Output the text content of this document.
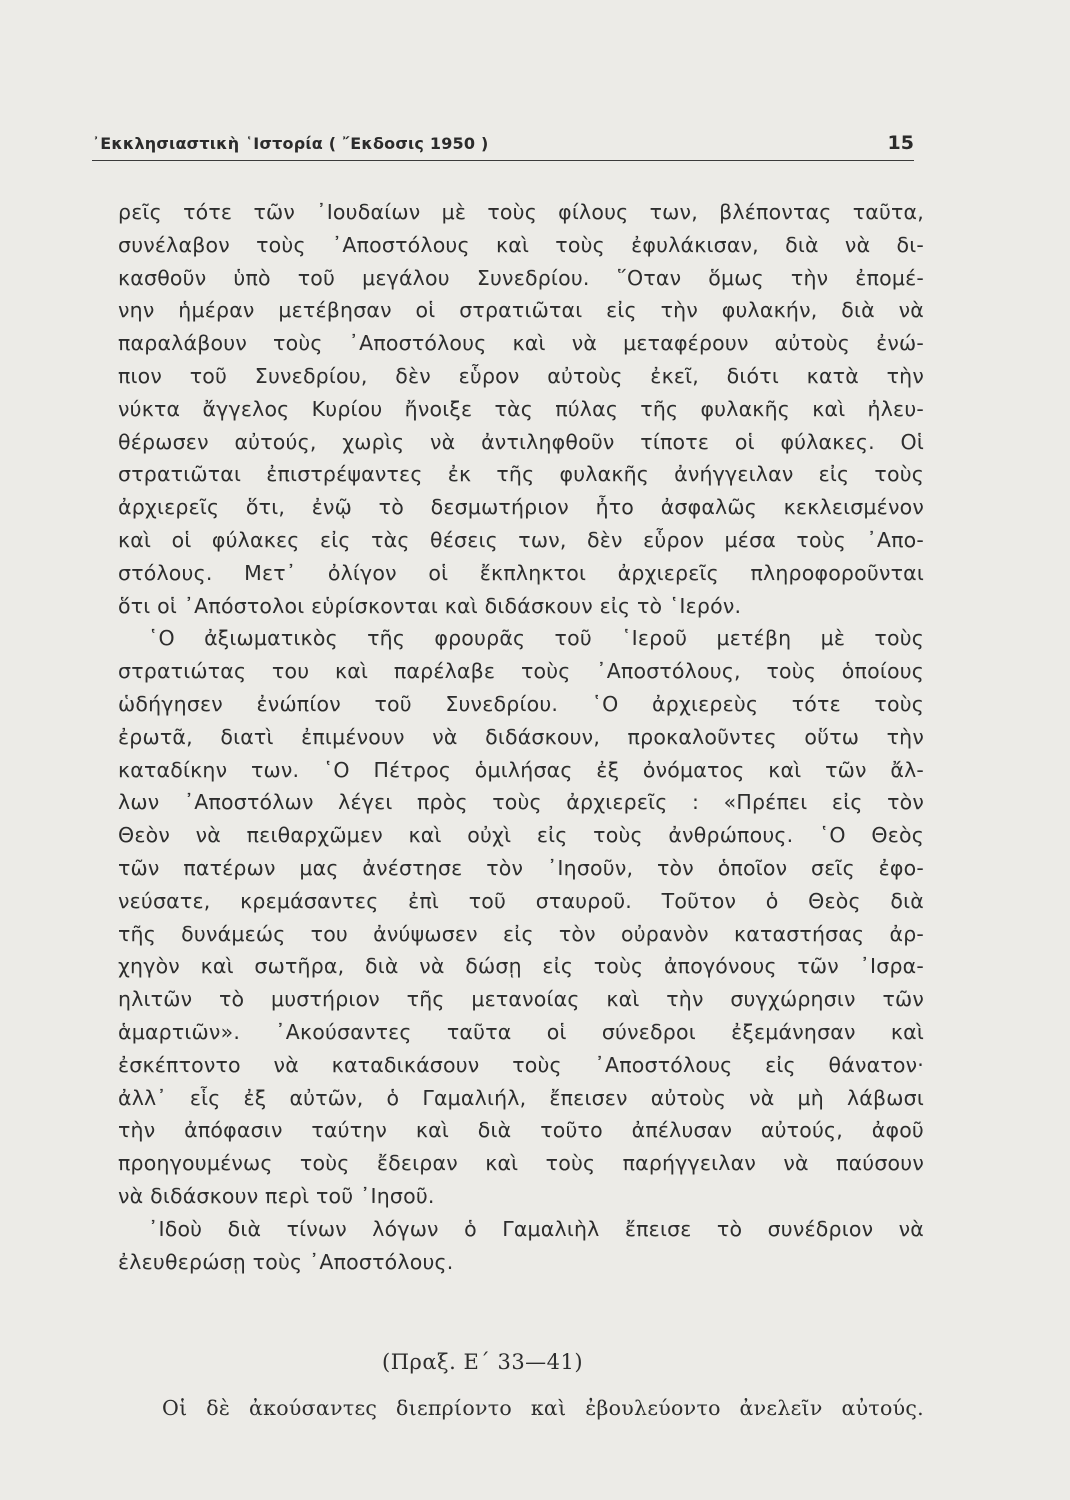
᾿Εκκλησιαστικὴ ῾Ιστορία ( ῎Εκδοσις 1950 )	15
ρεῖς τότε τῶν ᾿Ιουδαίων μὲ τοὺς φίλους των, βλέποντας ταῦτα,
συνέλαβον τοὺς ᾿Αποστόλους καὶ τοὺς ἐφυλάκισαν, διὰ νὰ δι-
κασθοῦν ὑπὸ τοῦ μεγάλου Συνεδρίου. ῞Οταν ὅμως τὴν ἐπομέ-
νην ἡμέραν μετέβησαν οἱ στρατιῶται εἰς τὴν φυλακήν, διὰ νὰ
παραλάβουν τοὺς ᾿Αποστόλους καὶ νὰ μεταφέρουν αὐτοὺς ἐνώ-
πιον τοῦ Συνεδρίου, δὲν εὗρον αὐτοὺς ἐκεῖ, διότι κατὰ τὴν
νύκτα ἄγγελος Κυρίου ἤνοιξε τὰς πύλας τῆς φυλακῆς καὶ ἠλευ-
θέρωσεν αὐτούς, χωρὶς νὰ ἀντιληφθοῦν τίποτε οἱ φύλακες. Οἱ
στρατιῶται ἐπιστρέψαντες ἐκ τῆς φυλακῆς ἀνήγγειλαν εἰς τοὺς
ἀρχιερεῖς ὅτι, ἐνῷ τὸ δεσμωτήριον ἦτο ἀσφαλῶς κεκλεισμένον
καὶ οἱ φύλακες εἰς τὰς θέσεις των, δὲν εὗρον μέσα τοὺς ᾿Απο-
στόλους. Μετ᾿ ὀλίγον οἱ ἔκπληκτοι ἀρχιερεῖς πληροφοροῦνται
ὅτι οἱ ᾿Απόστολοι εὑρίσκονται καὶ διδάσκουν εἰς τὸ ῾Ιερόν.
῾Ο ἀξιωματικὸς τῆς φρουρᾶς τοῦ ῾Ιεροῦ μετέβη μὲ τοὺς
στρατιώτας του καὶ παρέλαβε τοὺς ᾿Αποστόλους, τοὺς ὁποίους
ὡδήγησεν ἐνώπίον τοῦ Συνεδρίου. ῾Ο ἀρχιερεὺς τότε τοὺς
ἐρωτᾶ, διατὶ ἐπιμένουν νὰ διδάσκουν, προκαλοῦντες οὕτω τὴν
καταδίκην των. ῾Ο Πέτρος ὁμιλήσας ἐξ ὀνόματος καὶ τῶν ἄλ-
λων ᾿Αποστόλων λέγει πρὸς τοὺς ἀρχιερεῖς : «Πρέπει εἰς τὸν
Θεὸν νὰ πειθαρχῶμεν καὶ οὐχὶ εἰς τοὺς ἀνθρώπους. ῾Ο Θεὸς
τῶν πατέρων μας ἀνέστησε τὸν ᾿Ιησοῦν, τὸν ὁποῖον σεῖς ἐφο-
νεύσατε, κρεμάσαντες ἐπὶ τοῦ σταυροῦ. Τοῦτον ὁ Θεὸς διὰ
τῆς δυνάμεώς του ἀνύψωσεν εἰς τὸν οὐρανὸν καταστήσας ἀρ-
χηγὸν καὶ σωτῆρα, διὰ νὰ δώσῃ εἰς τοὺς ἀπογόνους τῶν ᾿Ισρα-
ηλιτῶν τὸ μυστήριον τῆς μετανοίας καὶ τὴν συγχώρησιν τῶν
ἁμαρτιῶν». ᾿Ακούσαντες ταῦτα οἱ σύνεδροι ἐξεμάνησαν καὶ
ἐσκέπτοντο νὰ καταδικάσουν τοὺς ᾿Αποστόλους εἰς θάνατον·
ἀλλ᾿ εἷς ἐξ αὐτῶν, ὁ Γαμαλιήλ, ἔπεισεν αὐτοὺς νὰ μὴ λάβωσι
τὴν ἀπόφασιν ταύτην καὶ διὰ τοῦτο ἀπέλυσαν αὐτούς, ἀφοῦ
προηγουμένως τοὺς ἔδειραν καὶ τοὺς παρήγγειλαν νὰ παύσουν
νὰ διδάσκουν περὶ τοῦ ᾿Ιησοῦ.
᾿Ιδοὺ διὰ τίνων λόγων ὁ Γαμαλιὴλ ἔπεισε τὸ συνέδριον νὰ
ἐλευθερώσῃ τοὺς ᾿Αποστόλους.
(Πραξ. Ε΄ 33—41)
Οἱ δὲ ἀκούσαντες διεπρίοντο καὶ ἐβουλεύοντο ἀνελεῖν αὐτούς.
